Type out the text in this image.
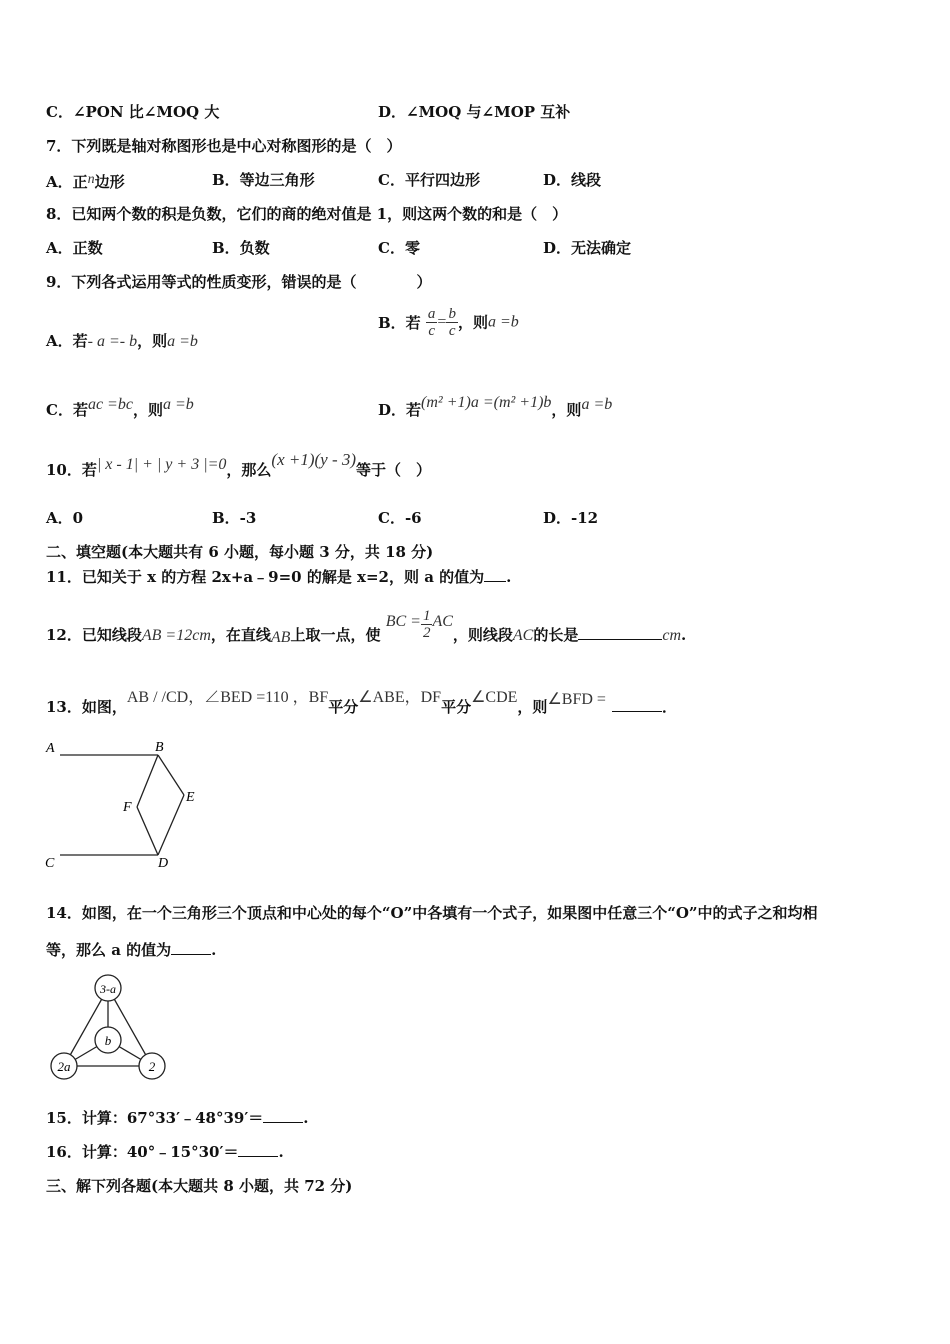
C．∠PON 比∠MOQ 大	D．∠MOQ 与∠MOP 互补
7．下列既是轴对称图形也是中心对称图形的是（　）
A．正n边形	B．等边三角形	C．平行四边形	D．线段
8．已知两个数的积是负数，它们的商的绝对值是 1，则这两个数的和是（　）
A．正数	B．负数	C．零	D．无法确定
9．下列各式运用等式的性质变形，错误的是（　　　　）
A．若- a =- b，则a =b
B．若 $\frac{a}{c} = \frac{b}{c}$ ，则a =b
C．若ac =bc，则a =b	D．若(m² +1)a =(m² +1)b，则a =b
10．若| x - 1| + | y + 3 |=0，那么(x +1)(y - 3)等于（　）
A．0	B．-3	C．-6	D．-12
二、填空题(本大题共有 6 小题，每小题 3 分，共 18 分)
11．已知关于 x 的方程 2x+a﹣9=0 的解是 x=2，则 a 的值为 .
12．已知线段AB =12cm，在直线AB上取一点，使 BC = $\frac{1}{2}$ AC，则线段AC的长是	cm.
13．如图，AB / /CD，∠BED =110 ，BF平分∠ABE，DF平分∠CDE，则∠BFD =	．
A	B
C	D
E
F
14．如图，在一个三角形三个顶点和中心处的每个“O”中各填有一个式子，如果图中任意三个“O”中的式子之和均相
等，那么 a 的值为	.
3-a
b
2a	2
15．计算：67°33′﹣48°39′＝	.
16．计算：40°﹣15°30′＝	.
三、解下列各题(本大题共 8 小题，共 72 分)
